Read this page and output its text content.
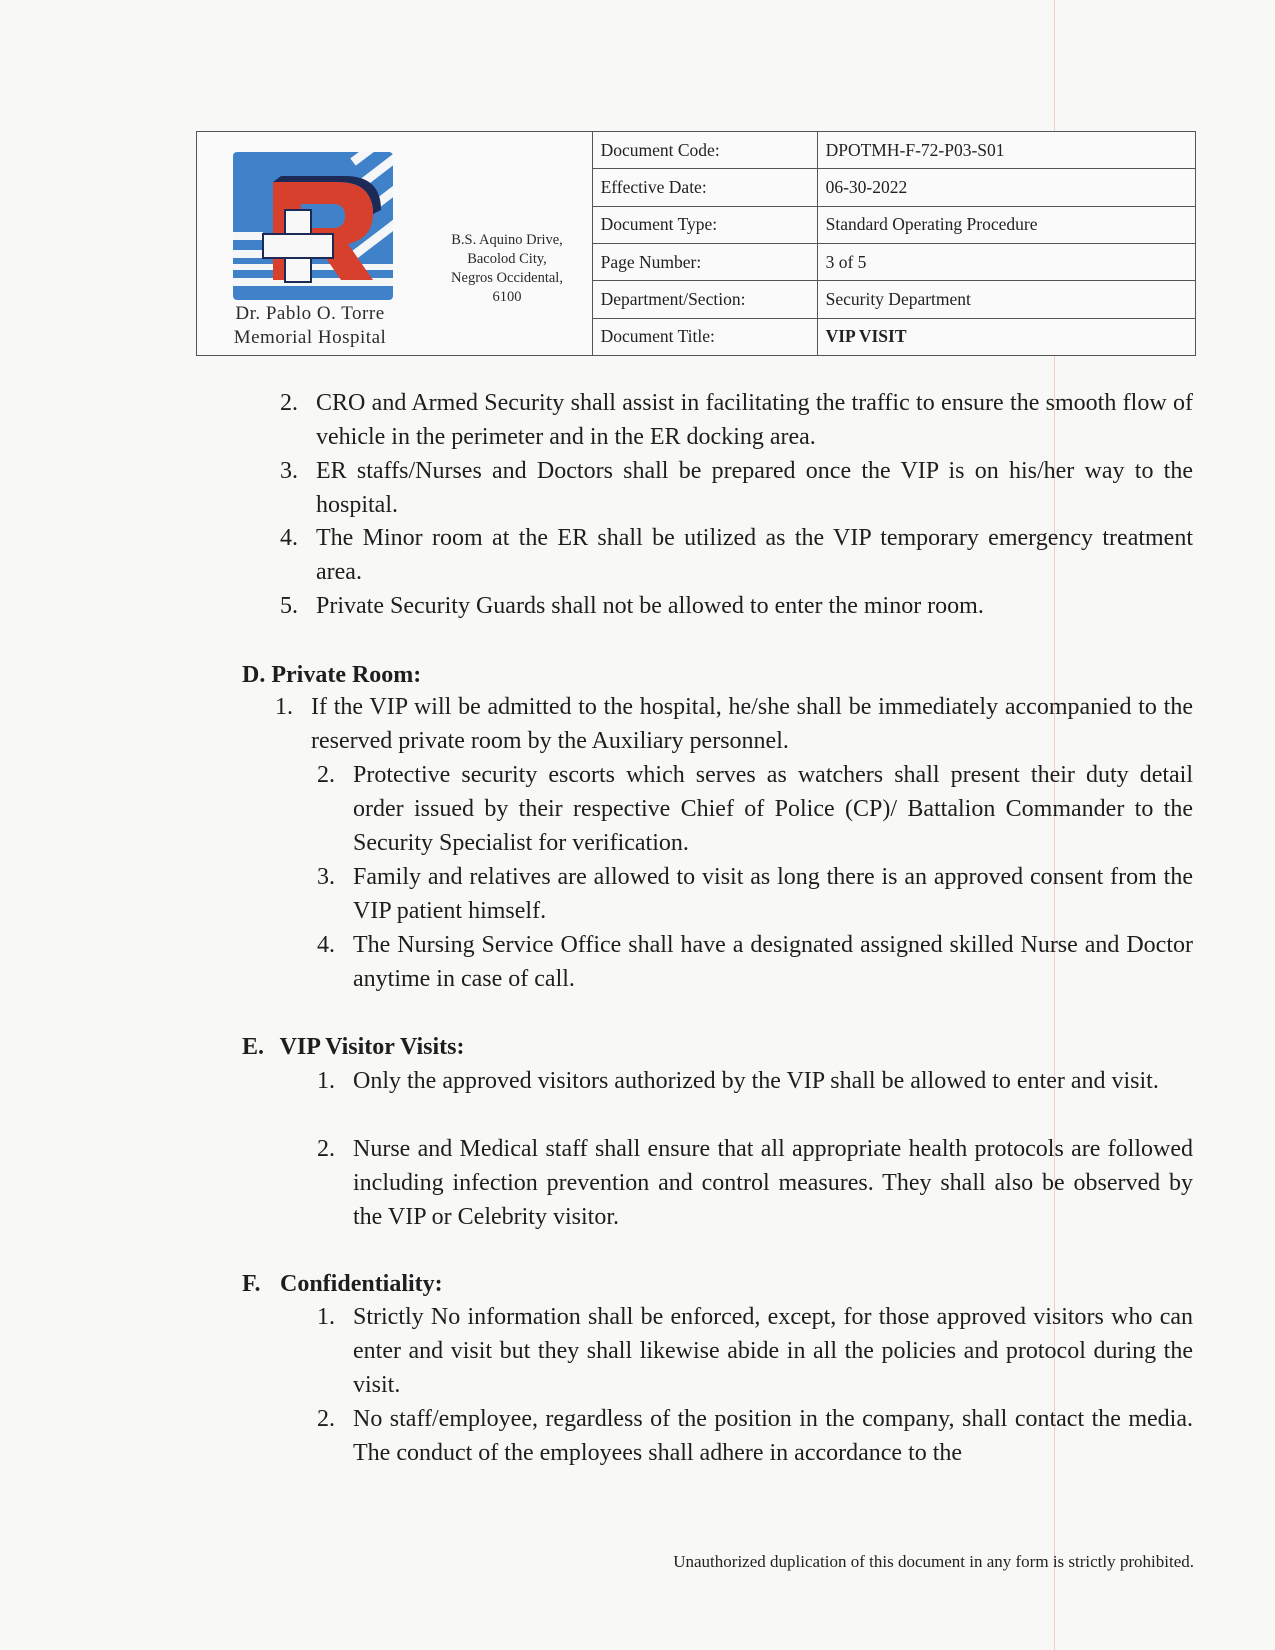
Dr. Pablo O. Torre
Memorial Hospital
B.S. Aquino Drive,
Bacolod City,
Negros Occidental,
6100
Document Code:	DPOTMH-F-72-P03-S01
Effective Date:	06-30-2022
Document Type:	Standard Operating Procedure
Page Number:	3 of 5
Department/Section:	Security Department
Document Title:	VIP VISIT
2. CRO and Armed Security shall assist in facilitating the traffic to ensure the smooth flow of vehicle in the perimeter and in the ER docking area.
3. ER staffs/Nurses and Doctors shall be prepared once the VIP is on his/her way to the hospital.
4. The Minor room at the ER shall be utilized as the VIP temporary emergency treatment area.
5. Private Security Guards shall not be allowed to enter the minor room.
D. Private Room:
1. If the VIP will be admitted to the hospital, he/she shall be immediately accompanied to the reserved private room by the Auxiliary personnel.
2. Protective security escorts which serves as watchers shall present their duty detail order issued by their respective Chief of Police (CP)/ Battalion Commander to the Security Specialist for verification.
3. Family and relatives are allowed to visit as long there is an approved consent from the VIP patient himself.
4. The Nursing Service Office shall have a designated assigned skilled Nurse and Doctor anytime in case of call.
E. VIP Visitor Visits:
1. Only the approved visitors authorized by the VIP shall be allowed to enter and visit.
2. Nurse and Medical staff shall ensure that all appropriate health protocols are followed including infection prevention and control measures. They shall also be observed by the VIP or Celebrity visitor.
F. Confidentiality:
1. Strictly No information shall be enforced, except, for those approved visitors who can enter and visit but they shall likewise abide in all the policies and protocol during the visit.
2. No staff/employee, regardless of the position in the company, shall contact the media. The conduct of the employees shall adhere in accordance to the
Unauthorized duplication of this document in any form is strictly prohibited.
